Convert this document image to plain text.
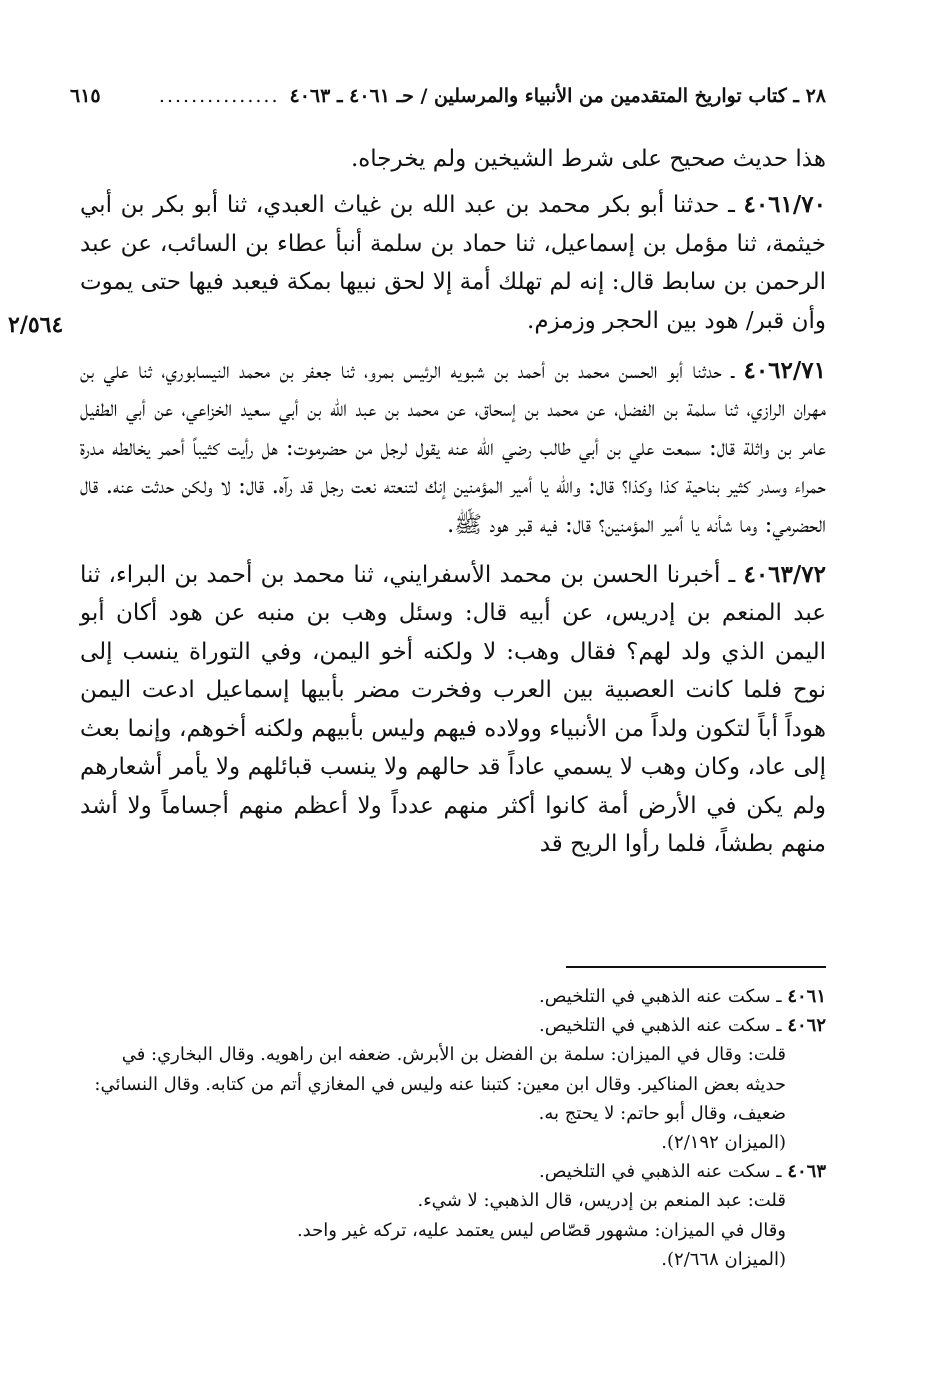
٢٨ ـ كتاب تواريخ المتقدمين من الأنبياء والمرسلين / حـ ٤٠٦١ ـ ٤٠٦٣
...............
٦١٥
٢/٥٦٤

هذا حديث صحيح على شرط الشيخين ولم يخرجاه.

٤٠٦١/٧٠ ـ حدثنا أبو بكر محمد بن عبد الله بن غياث العبدي، ثنا أبو بكر بن أبي خيثمة، ثنا مؤمل بن إسماعيل، ثنا حماد بن سلمة أنبأ عطاء بن السائب، عن عبد الرحمن بن سابط قال: إنه لم تهلك أمة إلا لحق نبيها بمكة فيعبد فيها حتى يموت وأن قبر/ هود بين الحجر وزمزم.

٤٠٦٢/٧١ ـ حدثنا أبو الحسن محمد بن أحمد بن شبويه الرئيس بمرو، ثنا جعفر بن محمد النيسابوري، ثنا علي بن مهران الرازي، ثنا سلمة بن الفضل، عن محمد بن إسحاق، عن محمد بن عبد الله بن أبي سعيد الخزاعي، عن أبي الطفيل عامر بن واثلة قال: سمعت علي بن أبي طالب رضي الله عنه يقول لرجل من حضرموت: هل رأيت كثيباً أحمر يخالطه مدرة حمراء وسدر كثير بناحية كذا وكذا؟ قال: والله يا أمير المؤمنين إنك لتنعته نعت رجل قد رآه. قال: لا ولكن حدثت عنه. قال الحضرمي: وما شأنه يا أمير المؤمنين؟ قال: فيه قبر هود ﷺ.

٤٠٦٣/٧٢ ـ أخبرنا الحسن بن محمد الأسفرايني، ثنا محمد بن أحمد بن البراء، ثنا عبد المنعم بن إدريس، عن أبيه قال: وسئل وهب بن منبه عن هود أكان أبو اليمن الذي ولد لهم؟ فقال وهب: لا ولكنه أخو اليمن، وفي التوراة ينسب إلى نوح فلما كانت العصبية بين العرب وفخرت مضر بأبيها إسماعيل ادعت اليمن هوداً أباً لتكون ولداً من الأنبياء وولاده فيهم وليس بأبيهم ولكنه أخوهم، وإنما بعث إلى عاد، وكان وهب لا يسمي عاداً قد حالهم ولا ينسب قبائلهم ولا يأمر أشعارهم ولم يكن في الأرض أمة كانوا أكثر منهم عدداً ولا أعظم منهم أجساماً ولا أشد منهم بطشاً، فلما رأوا الريح قد

٤٠٦١ ـ سكت عنه الذهبي في التلخيص.

٤٠٦٢ ـ سكت عنه الذهبي في التلخيص.

قلت: وقال في الميزان: سلمة بن الفضل بن الأبرش. ضعفه ابن راهويه. وقال البخاري: في حديثه بعض المناكير. وقال ابن معين: كتبنا عنه وليس في المغازي أتم من كتابه. وقال النسائي: ضعيف، وقال أبو حاتم: لا يحتج به.

(الميزان ٢/١٩٢).

٤٠٦٣ ـ سكت عنه الذهبي في التلخيص.

قلت: عبد المنعم بن إدريس، قال الذهبي: لا شيء.

وقال في الميزان: مشهور قصّاص ليس يعتمد عليه، تركه غير واحد.

(الميزان ٢/٦٦٨).
